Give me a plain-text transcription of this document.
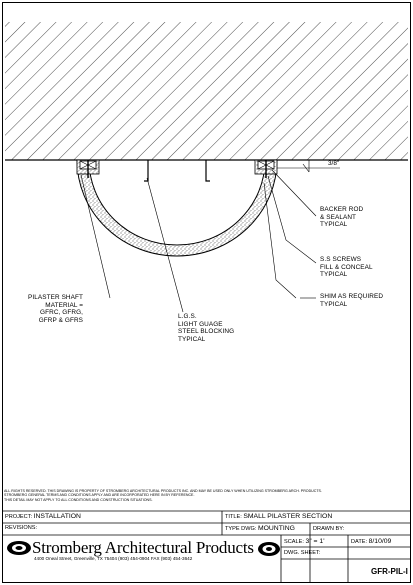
3/8"
BACKER ROD
& SEALANT
TYPICAL
S.S SCREWS
FILL & CONCEAL
TYPICAL
SHIM AS REQUIRED
TYPICAL
PILASTER SHAFT
MATERIAL =
GFRC, GFRG,
GFRP & GFRS
L.G.S.
LIGHT GUAGE
STEEL BLOCKING
TYPICAL
ALL RIGHTS RESERVED. THIS DRAWING IS PROPERTY OF STROMBERG ARCHITECTURAL PRODUCTS INC. AND MAY BE USED ONLY WHEN UTILIZING STROMBERG ARCH. PRODUCTS.
STROMBERG GENERAL TERMS AND CONDITIONS APPLY AND ARE INCORPORATED HERE IN BY REFERENCE.
THIS DETAIL MAY NOT APPLY TO ALL CONDITIONS AND CONSTRUCTION SITUATIONS.
PROJECT: INSTALLATION
REVISIONS:
TITLE: SMALL PILASTER SECTION
TYPE DWG: MOUNTING	DRAWN BY:
SCALE: 3" = 1'	DATE: 8/10/09
DWG. SHEET:
GFR-PIL-I
Stromberg Architectural Products
4400 Oneal Street, Greenville, TX 75404 (903) 454-0904 FAX (903) 454-3642
